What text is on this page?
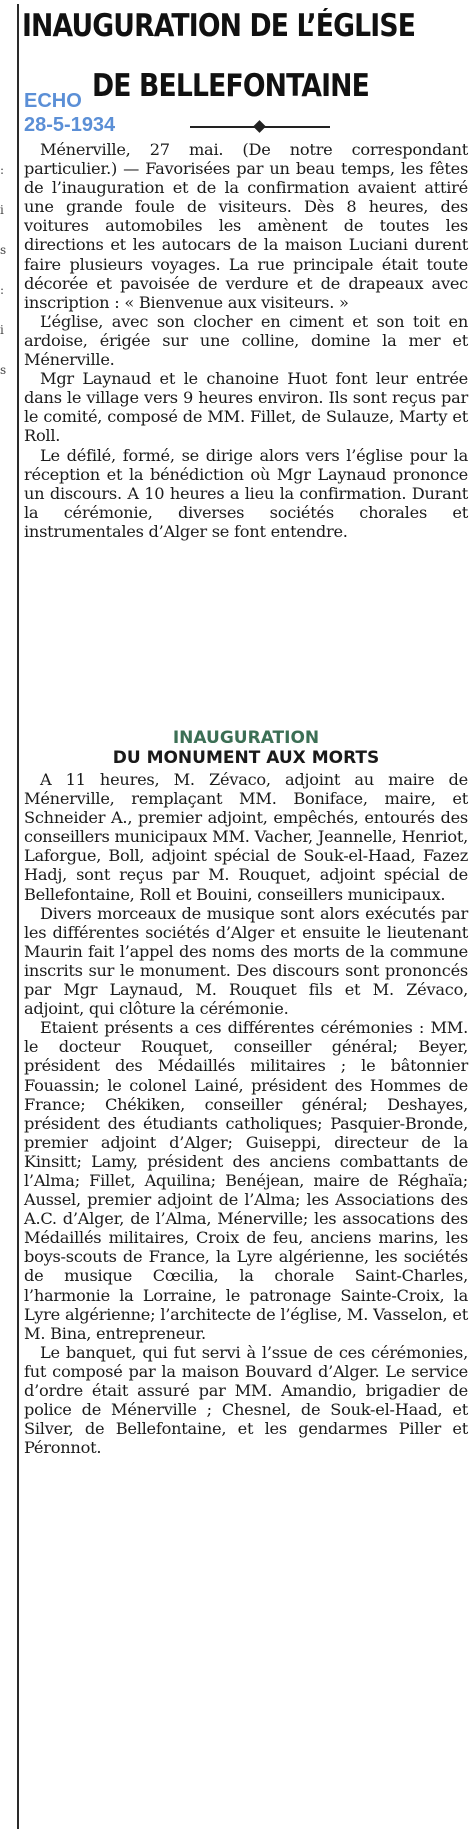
:
i
s
:
i
s
INAUGURATION DE L’ÉGLISE
DE BELLEFONTAINE
ECHO
28-5-1934

Ménerville, 27 mai. (De notre correspondant particulier.) — Favorisées par un beau temps, les fêtes de l’inauguration et de la confirmation avaient attiré une grande foule de visiteurs. Dès 8 heures, des voitures automobiles les amènent de toutes les directions et les autocars de la maison Luciani durent faire plusieurs voyages. La rue principale était toute décorée et pavoisée de verdure et de drapeaux avec inscription : « Bienvenue aux visiteurs. »

L’église, avec son clocher en ciment et son toit en ardoise, érigée sur une colline, domine la mer et Ménerville.

Mgr Laynaud et le chanoine Huot font leur entrée dans le village vers 9 heures environ. Ils sont reçus par le comité, composé de MM. Fillet, de Sulauze, Marty et Roll.

Le défilé, formé, se dirige alors vers l’église pour la réception et la bénédiction où Mgr Laynaud prononce un discours. A 10 heures a lieu la confirmation. Durant la cérémonie, diverses sociétés chorales et instrumentales d’Alger se font entendre.

INAUGURATION
DU MONUMENT AUX MORTS

A 11 heures, M. Zévaco, adjoint au maire de Ménerville, remplaçant MM. Boniface, maire, et Schneider A., premier adjoint, empêchés, entourés des conseillers municipaux MM. Vacher, Jeannelle, Henriot, Laforgue, Boll, adjoint spécial de Souk-el-Haad, Fazez Hadj, sont reçus par M. Rouquet, adjoint spécial de Bellefontaine, Roll et Bouini, conseillers municipaux.

Divers morceaux de musique sont alors exécutés par les différentes sociétés d’Alger et ensuite le lieutenant Maurin fait l’appel des noms des morts de la commune inscrits sur le monument. Des discours sont prononcés par Mgr Laynaud, M. Rouquet fils et M. Zévaco, adjoint, qui clôture la cérémonie.

Etaient présents a ces différentes cérémonies : MM. le docteur Rouquet, conseiller général; Beyer, président des Médaillés militaires ; le bâtonnier Fouassin; le colonel Lainé, président des Hommes de France; Chékiken, conseiller général; Deshayes, président des étudiants catholiques; Pasquier-Bronde, premier adjoint d’Alger; Guiseppi, directeur de la Kinsitt; Lamy, président des anciens combattants de l’Alma; Fillet, Aquilina; Benéjean, maire de Réghaïa; Aussel, premier adjoint de l’Alma; les Associations des A.C. d’Alger, de l’Alma, Ménerville; les assocations des Médaillés militaires, Croix de feu, anciens marins, les boys-scouts de France, la Lyre algérienne, les sociétés de musique Cœcilia, la chorale Saint-Charles, l’harmonie la Lorraine, le patronage Sainte-Croix, la Lyre algérienne; l’architecte de l’église, M. Vasselon, et M. Bina, entrepreneur.

Le banquet, qui fut servi à l’ssue de ces cérémonies, fut composé par la maison Bouvard d’Alger. Le service d’ordre était assuré par MM. Amandio, brigadier de police de Ménerville ; Chesnel, de Souk-el-Haad, et Silver, de Bellefontaine, et les gendarmes Piller et Péronnot.
